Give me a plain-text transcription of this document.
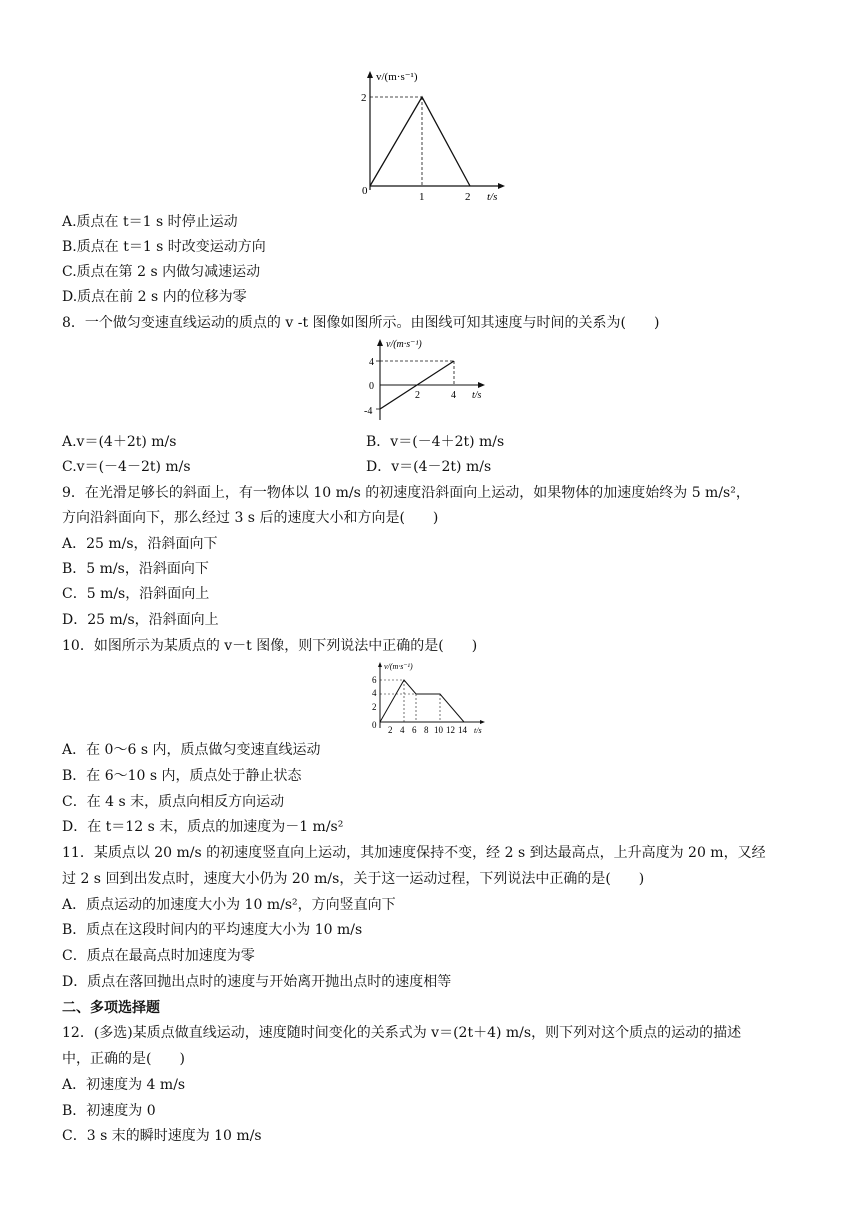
v/(m·s⁻¹)
t/s
0
2
1	2
A.质点在 t＝1 s 时停止运动
B.质点在 t＝1 s 时改变运动方向
C.质点在第 2 s 内做匀减速运动
D.质点在前 2 s 内的位移为零
8．一个做匀变速直线运动的质点的 v -t 图像如图所示。由图线可知其速度与时间的关系为(　　)
v/(m·s⁻¹)
t/s
4
0
-4
2	4
A.v＝(4＋2t) m/s	B．v＝(－4＋2t) m/s
C.v＝(－4－2t) m/s	D．v＝(4－2t) m/s
9．在光滑足够长的斜面上，有一物体以 10 m/s 的初速度沿斜面向上运动，如果物体的加速度始终为 5 m/s²，
方向沿斜面向下，那么经过 3 s 后的速度大小和方向是(　　)
A．25 m/s，沿斜面向下
B．5 m/s，沿斜面向下
C．5 m/s，沿斜面向上
D．25 m/s，沿斜面向上
10．如图所示为某质点的 v－t 图像，则下列说法中正确的是(　　)
v/(m·s⁻¹)
t/s
6
4
2
0 2 4 6 8 10 12 14
A．在 0～6 s 内，质点做匀变速直线运动
B．在 6～10 s 内，质点处于静止状态
C．在 4 s 末，质点向相反方向运动
D．在 t＝12 s 末，质点的加速度为－1 m/s²
11．某质点以 20 m/s 的初速度竖直向上运动，其加速度保持不变，经 2 s 到达最高点，上升高度为 20 m，又经
过 2 s 回到出发点时，速度大小仍为 20 m/s，关于这一运动过程，下列说法中正确的是(　　)
A．质点运动的加速度大小为 10 m/s²，方向竖直向下
B．质点在这段时间内的平均速度大小为 10 m/s
C．质点在最高点时加速度为零
D．质点在落回抛出点时的速度与开始离开抛出点时的速度相等
二、多项选择题
12．(多选)某质点做直线运动，速度随时间变化的关系式为 v＝(2t＋4) m/s，则下列对这个质点的运动的描述
中，正确的是(　　)
A．初速度为 4 m/s
B．初速度为 0
C．3 s 末的瞬时速度为 10 m/s
